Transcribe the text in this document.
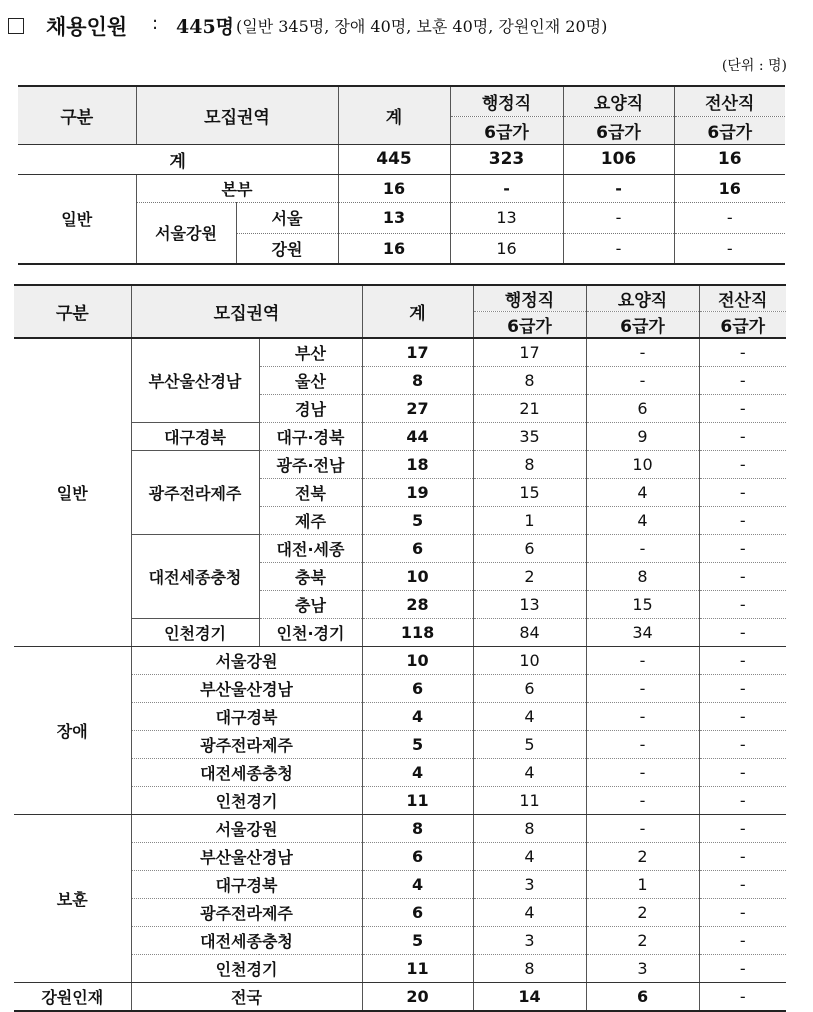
채용인원 : 445명 (일반 345명, 장애 40명, 보훈 40명, 강원인재 20명)
(단위 : 명)
구분	모집권역		계	행정직	요양직	전산직
				6급가	6급가	6급가
계			445	323	106	16
일반	본부		16	-	-	16
	서울강원	서울	13	13	-	-
		강원	16	16	-	-
구분	모집권역		계	행정직	요양직	전산직
				6급가	6급가	6급가
일반	부산울산경남	부산	17	17	-	-
		울산	8	8	-	-
		경남	27	21	6	-
	대구경북	대구·경북	44	35	9	-
	광주전라제주	광주·전남	18	8	10	-
		전북	19	15	4	-
		제주	5	1	4	-
	대전세종충청	대전·세종	6	6	-	-
		충북	10	2	8	-
		충남	28	13	15	-
	인천경기	인천·경기	118	84	34	-
장애	서울강원		10	10	-	-
	부산울산경남		6	6	-	-
	대구경북		4	4	-	-
	광주전라제주		5	5	-	-
	대전세종충청		4	4	-	-
	인천경기		11	11	-	-
보훈	서울강원		8	8	-	-
	부산울산경남		6	4	2	-
	대구경북		4	3	1	-
	광주전라제주		6	4	2	-
	대전세종충청		5	3	2	-
	인천경기		11	8	3	-
강원인재	전국		20	14	6	-
